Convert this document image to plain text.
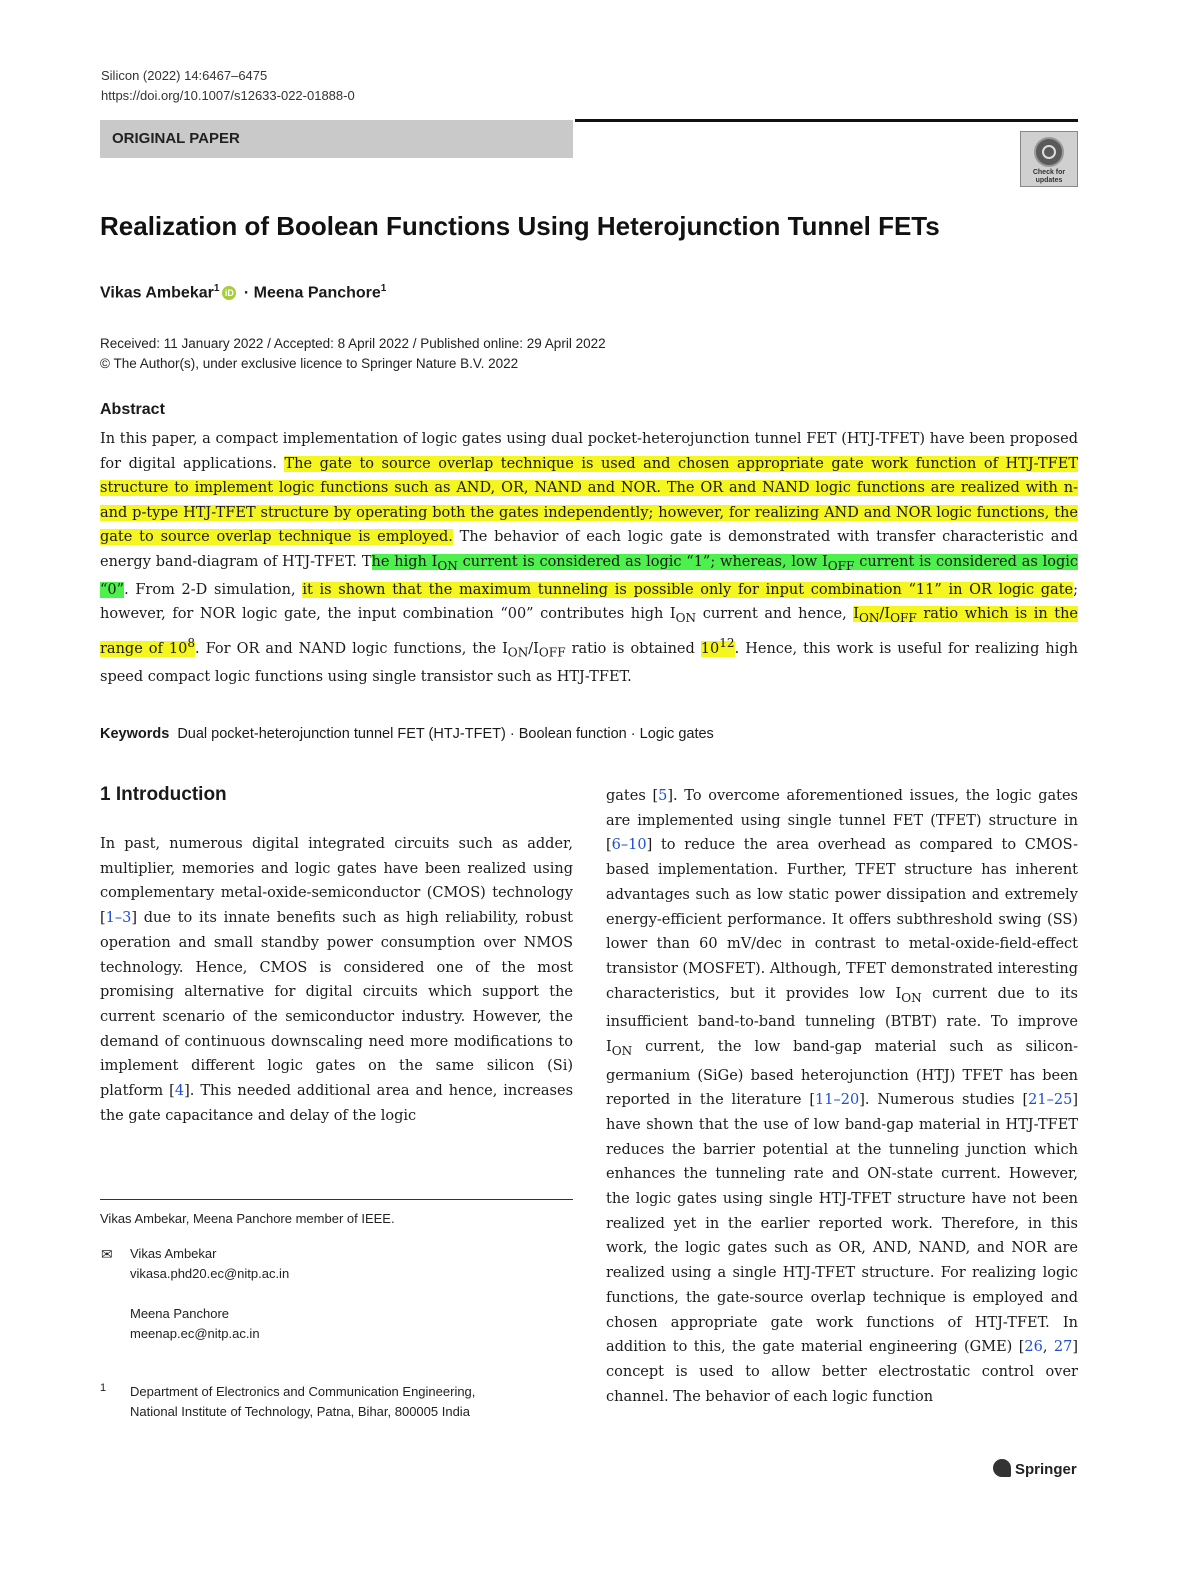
Silicon (2022) 14:6467–6475
https://doi.org/10.1007/s12633-022-01888-0
ORIGINAL PAPER
Check for updates
Realization of Boolean Functions Using Heterojunction Tunnel FETs
Vikas Ambekar$^1$ iD · Meena Panchore$^1$
Received: 11 January 2022 / Accepted: 8 April 2022 / Published online: 29 April 2022
© The Author(s), under exclusive licence to Springer Nature B.V. 2022
Abstract
In this paper, a compact implementation of logic gates using dual pocket-heterojunction tunnel FET (HTJ-TFET) have been proposed for digital applications. The gate to source overlap technique is used and chosen appropriate gate work function of HTJ-TFET structure to implement logic functions such as AND, OR, NAND and NOR. The OR and NAND logic functions are realized with n- and p-type HTJ-TFET structure by operating both the gates independently; however, for realizing AND and NOR logic functions, the gate to source overlap technique is employed. The behavior of each logic gate is demonstrated with transfer characteristic and energy band-diagram of HTJ-TFET. The high $I_{ON}$ current is considered as logic “1”; whereas, low $I_{OFF}$ current is considered as logic “0”. From 2-D simulation, it is shown that the maximum tunneling is possible only for input combination “11” in OR logic gate; however, for NOR logic gate, the input combination “00” contributes high $I_{ON}$ current and hence, $I_{ON}/I_{OFF}$ ratio which is in the range of $10^8$. For OR and NAND logic functions, the $I_{ON}/I_{OFF}$ ratio is obtained $10^{12}$. Hence, this work is useful for realizing high speed compact logic functions using single transistor such as HTJ-TFET.
Keywords Dual pocket-heterojunction tunnel FET (HTJ-TFET) · Boolean function · Logic gates
1 Introduction
In past, numerous digital integrated circuits such as adder, multiplier, memories and logic gates have been realized using complementary metal-oxide-semiconductor (CMOS) technology [1–3] due to its innate benefits such as high reliability, robust operation and small standby power consumption over NMOS technology. Hence, CMOS is considered one of the most promising alternative for digital circuits which support the current scenario of the semiconductor industry. However, the demand of continuous downscaling need more modifications to implement different logic gates on the same silicon (Si) platform [4]. This needed additional area and hence, increases the gate capacitance and delay of the logic
gates [5]. To overcome aforementioned issues, the logic gates are implemented using single tunnel FET (TFET) structure in [6–10] to reduce the area overhead as compared to CMOS-based implementation. Further, TFET structure has inherent advantages such as low static power dissipation and extremely energy-efficient performance. It offers subthreshold swing (SS) lower than 60 mV/dec in contrast to metal-oxide-field-effect transistor (MOSFET). Although, TFET demonstrated interesting characteristics, but it provides low $I_{ON}$ current due to its insufficient band-to-band tunneling (BTBT) rate. To improve $I_{ON}$ current, the low band-gap material such as silicon-germanium (SiGe) based heterojunction (HTJ) TFET has been reported in the literature [11–20]. Numerous studies [21–25] have shown that the use of low band-gap material in HTJ-TFET reduces the barrier potential at the tunneling junction which enhances the tunneling rate and ON-state current. However, the logic gates using single HTJ-TFET structure have not been realized yet in the earlier reported work. Therefore, in this work, the logic gates such as OR, AND, NAND, and NOR are realized using a single HTJ-TFET structure. For realizing logic functions, the gate-source overlap technique is employed and chosen appropriate gate work functions of HTJ-TFET. In addition to this, the gate material engineering (GME) [26, 27] concept is used to allow better electrostatic control over channel. The behavior of each logic function
Vikas Ambekar, Meena Panchore member of IEEE.
✉ Vikas Ambekar
vikasa.phd20.ec@nitp.ac.in
Meena Panchore
meenap.ec@nitp.ac.in
1 Department of Electronics and Communication Engineering,
National Institute of Technology, Patna, Bihar, 800005 India
Springer
